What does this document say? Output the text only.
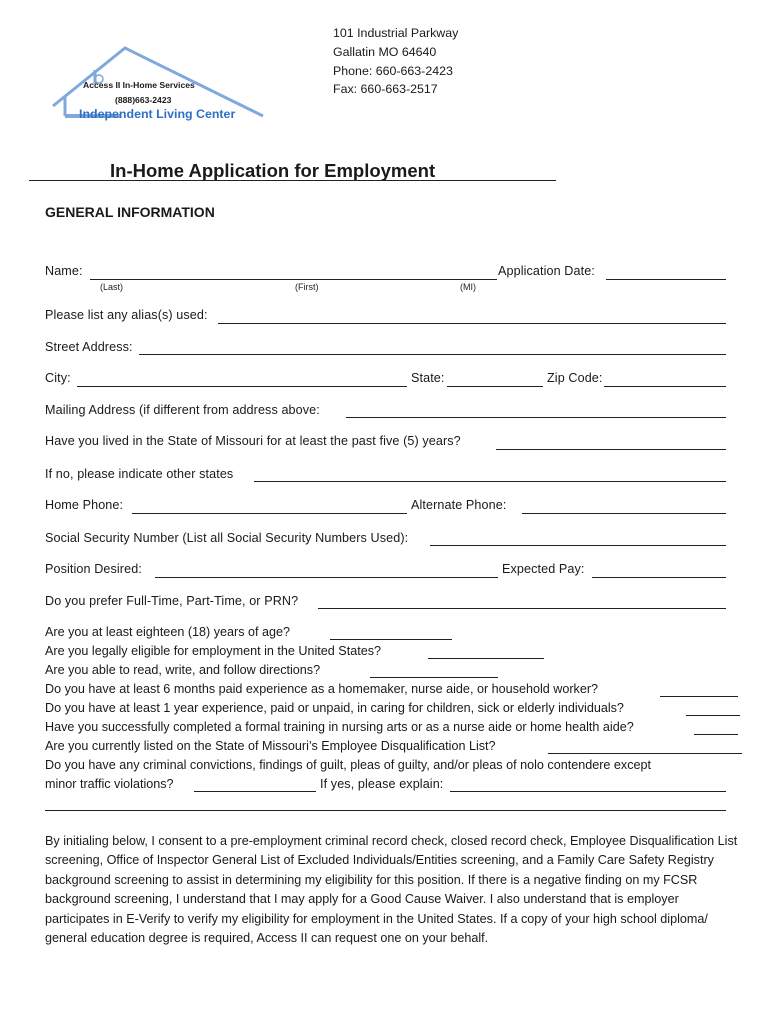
Access II In-Home Services
(888)663-2423
Independent Living Center
101 Industrial Parkway
Gallatin MO 64640
Phone: 660-663-2423
Fax: 660-663-2517
In-Home Application for Employment
GENERAL INFORMATION
Name:	Application Date:
(Last)	(First)	(MI)
Please list any alias(s) used:
Street Address:
City:	State:	Zip Code:
Mailing Address (if different from address above:
Have you lived in the State of Missouri for at least the past five (5) years?
If no, please indicate other states
Home Phone:	Alternate Phone:
Social Security Number (List all Social Security Numbers Used):
Position Desired:	Expected Pay:
Do you prefer Full-Time, Part-Time, or PRN?
Are you at least eighteen (18) years of age?
Are you legally eligible for employment in the United States?
Are you able to read, write, and follow directions?
Do you have at least 6 months paid experience as a homemaker, nurse aide, or household worker?
Do you have at least 1 year experience, paid or unpaid, in caring for children, sick or elderly individuals?
Have you successfully completed a formal training in nursing arts or as a nurse aide or home health aide?
Are you currently listed on the State of Missouri’s Employee Disqualification List?
Do you have any criminal convictions, findings of guilt, pleas of guilty, and/or pleas of nolo contendere except
minor traffic violations?	If yes, please explain:
By initialing below, I consent to a pre-employment criminal record check, closed record check, Employee Disqualification List screening, Office of Inspector General List of Excluded Individuals/Entities screening, and a Family Care Safety Registry background screening to assist in determining my eligibility for this position. If there is a negative finding on my FCSR background screening, I understand that I may apply for a Good Cause Waiver. I also understand that is employer participates in E-Verify to verify my eligibility for employment in the United States. If a copy of your high school diploma/ general education degree is required, Access II can request one on your behalf.
